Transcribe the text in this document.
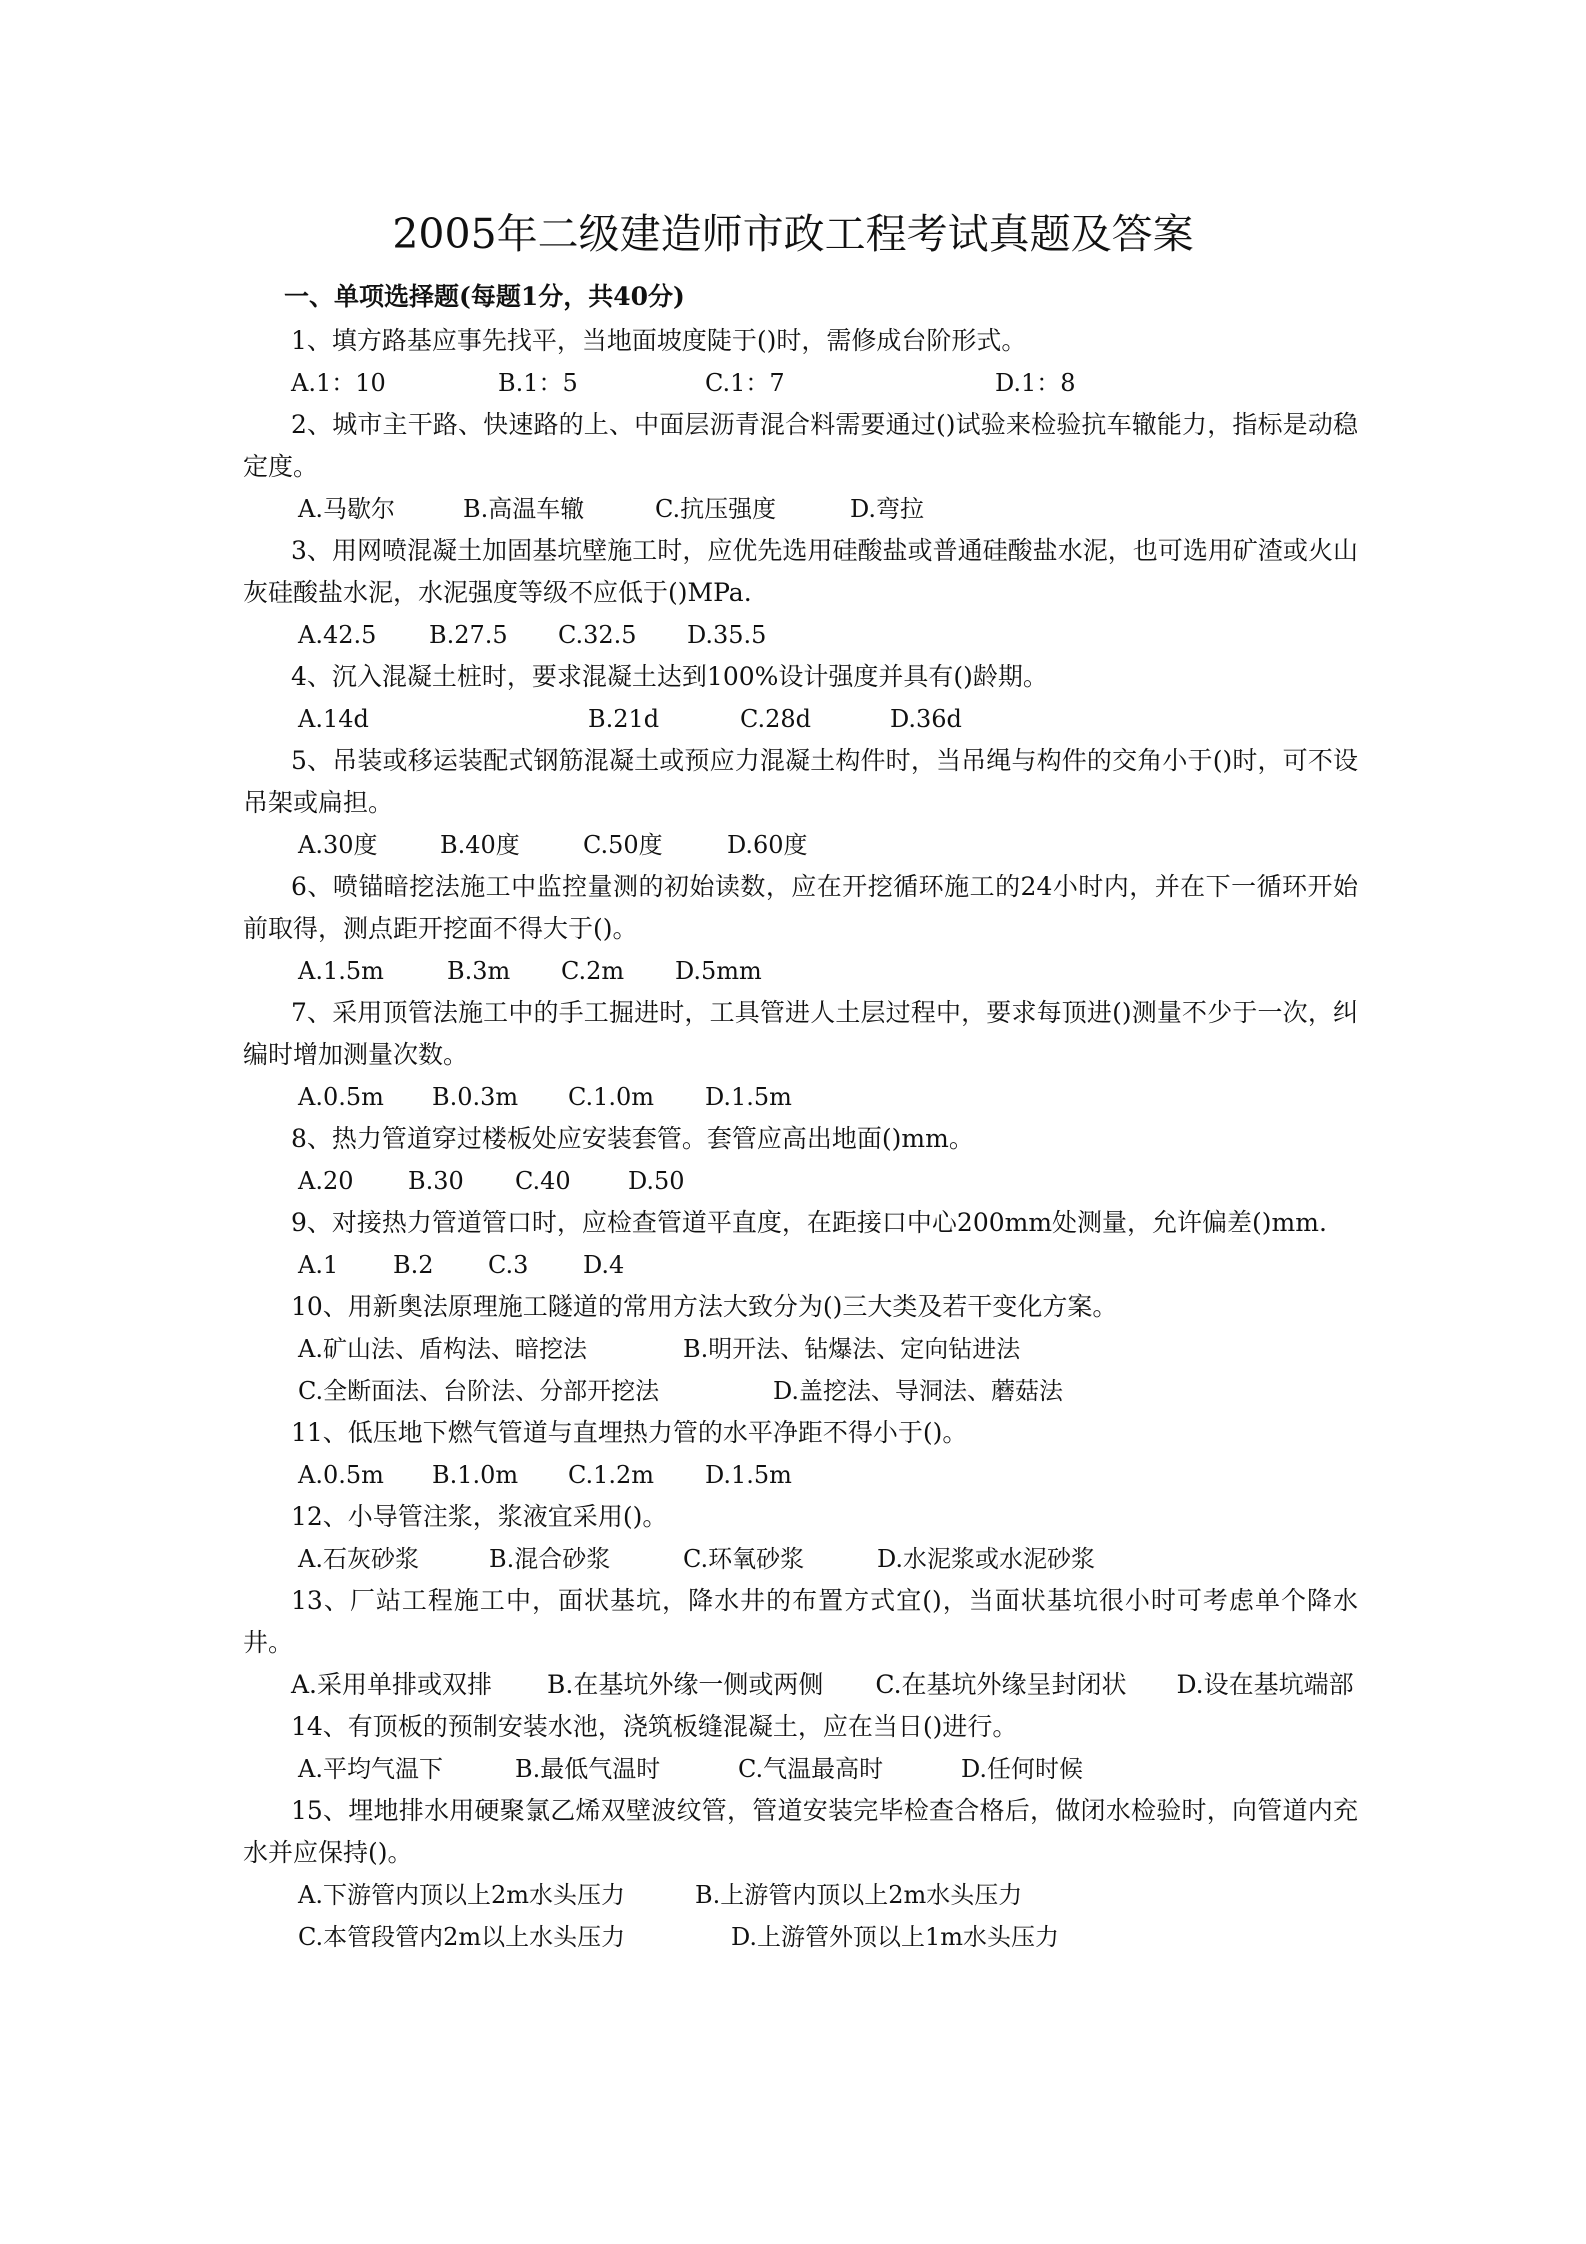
2005年二级建造师市政工程考试真题及答案
一、单项选择题(每题1分，共40分)

1、填方路基应事先找平，当地面坡度陡于()时，需修成台阶形式。

A.1：10	B.1：5	C.1：7	D.1：8

2、城市主干路、快速路的上、中面层沥青混合料需要通过()试验来检验抗车辙能力，指标是动稳定度。

A.马歇尔	B.高温车辙	C.抗压强度	D.弯拉

3、用网喷混凝土加固基坑壁施工时，应优先选用硅酸盐或普通硅酸盐水泥，也可选用矿渣或火山灰硅酸盐水泥，水泥强度等级不应低于()MPa.

A.42.5 B.27.5 C.32.5 D.35.5

4、沉入混凝土桩时，要求混凝土达到100%设计强度并具有()龄期。

A.14d	B.21d	C.28d	D.36d

5、吊装或移运装配式钢筋混凝土或预应力混凝土构件时，当吊绳与构件的交角小于()时，可不设吊架或扁担。

A.30度	B.40度	C.50度	D.60度

6、喷锚暗挖法施工中监控量测的初始读数，应在开挖循环施工的24小时内，并在下一循环开始前取得，测点距开挖面不得大于()。

A.1.5m	B.3m C.2m D.5mm

7、采用顶管法施工中的手工掘进时，工具管进人土层过程中，要求每顶进()测量不少于一次，纠编时增加测量次数。

A.0.5m B.0.3m C.1.0m D.1.5m

8、热力管道穿过楼板处应安装套管。套管应高出地面()mm。

A.20 B.30 C.40 D.50

9、对接热力管道管口时，应检查管道平直度，在距接口中心200mm处测量，允许偏差()mm.

A.1 B.2 C.3 D.4

10、用新奥法原理施工隧道的常用方法大致分为()三大类及若干变化方案。

A.矿山法、盾构法、暗挖法	B.明开法、钻爆法、定向钻进法
C.全断面法、台阶法、分部开挖法	D.盖挖法、导洞法、蘑菇法

11、低压地下燃气管道与直埋热力管的水平净距不得小于()。

A.0.5m B.1.0m C.1.2m D.1.5m

12、小导管注浆，浆液宜采用()。

A.石灰砂浆	B.混合砂浆	C.环氧砂浆	D.水泥浆或水泥砂浆

13、厂站工程施工中，面状基坑，降水井的布置方式宜()，当面状基坑很小时可考虑单个降水井。

A.采用单排或双排 B.在基坑外缘一侧或两侧 C.在基坑外缘呈封闭状 D.设在基坑端部

14、有顶板的预制安装水池，浇筑板缝混凝土，应在当日()进行。

A.平均气温下	B.最低气温时	C.气温最高时	D.任何时候

15、埋地排水用硬聚氯乙烯双壁波纹管，管道安装完毕检查合格后，做闭水检验时，向管道内充水并应保持()。

A.下游管内顶以上2m水头压力	B.上游管内顶以上2m水头压力
C.本管段管内2m以上水头压力	D.上游管外顶以上1m水头压力
